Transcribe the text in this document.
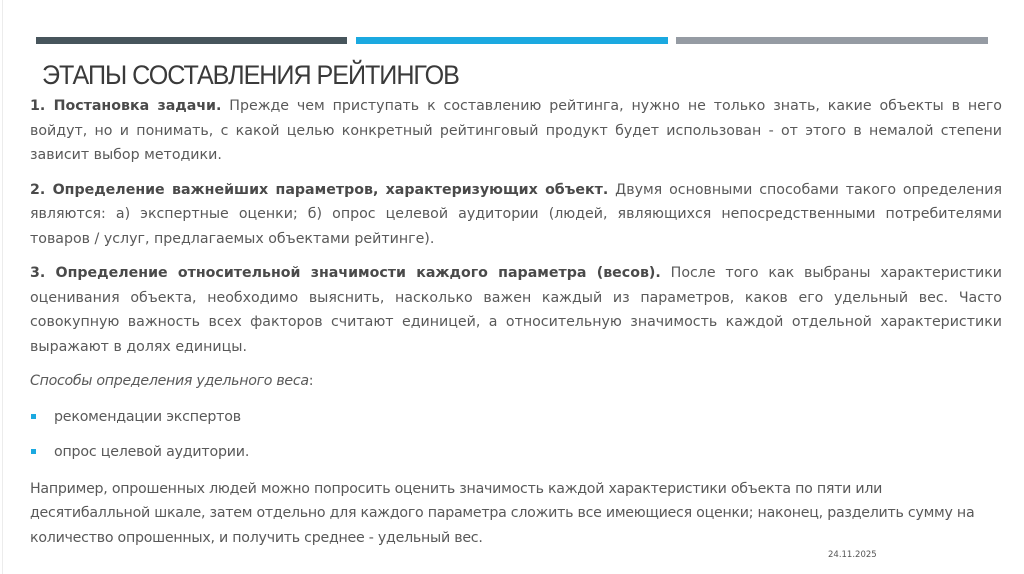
ЭТАПЫ СОСТАВЛЕНИЯ РЕЙТИНГОВ

1. Постановка задачи. Прежде чем приступать к составлению рейтинга, нужно не только знать, какие объекты в него войдут, но и понимать, с какой целью конкретный рейтинговый продукт будет использован - от этого в немалой степени зависит выбор методики.

2. Определение важнейших параметров, характеризующих объект. Двумя основными способами такого определения являются: а) экспертные оценки; б) опрос целевой аудитории (людей, являющихся непосредственными потребителями товаров / услуг, предлагаемых объектами рейтинге).

3. Определение относительной значимости каждого параметра (весов). После того как выбраны характеристики оценивания объекта, необходимо выяснить, насколько важен каждый из параметров, каков его удельный вес. Часто совокупную важность всех факторов считают единицей, а относительную значимость каждой отдельной характеристики выражают в долях единицы.

Способы определения удельного веса:

рекомендации экспертов
опрос целевой аудитории.

Например, опрошенных людей можно попросить оценить значимость каждой характеристики объекта по пяти или десятибалльной шкале, затем отдельно для каждого параметра сложить все имеющиеся оценки; наконец, разделить сумму на количество опрошенных, и получить среднее - удельный вес.

24.11.2025
